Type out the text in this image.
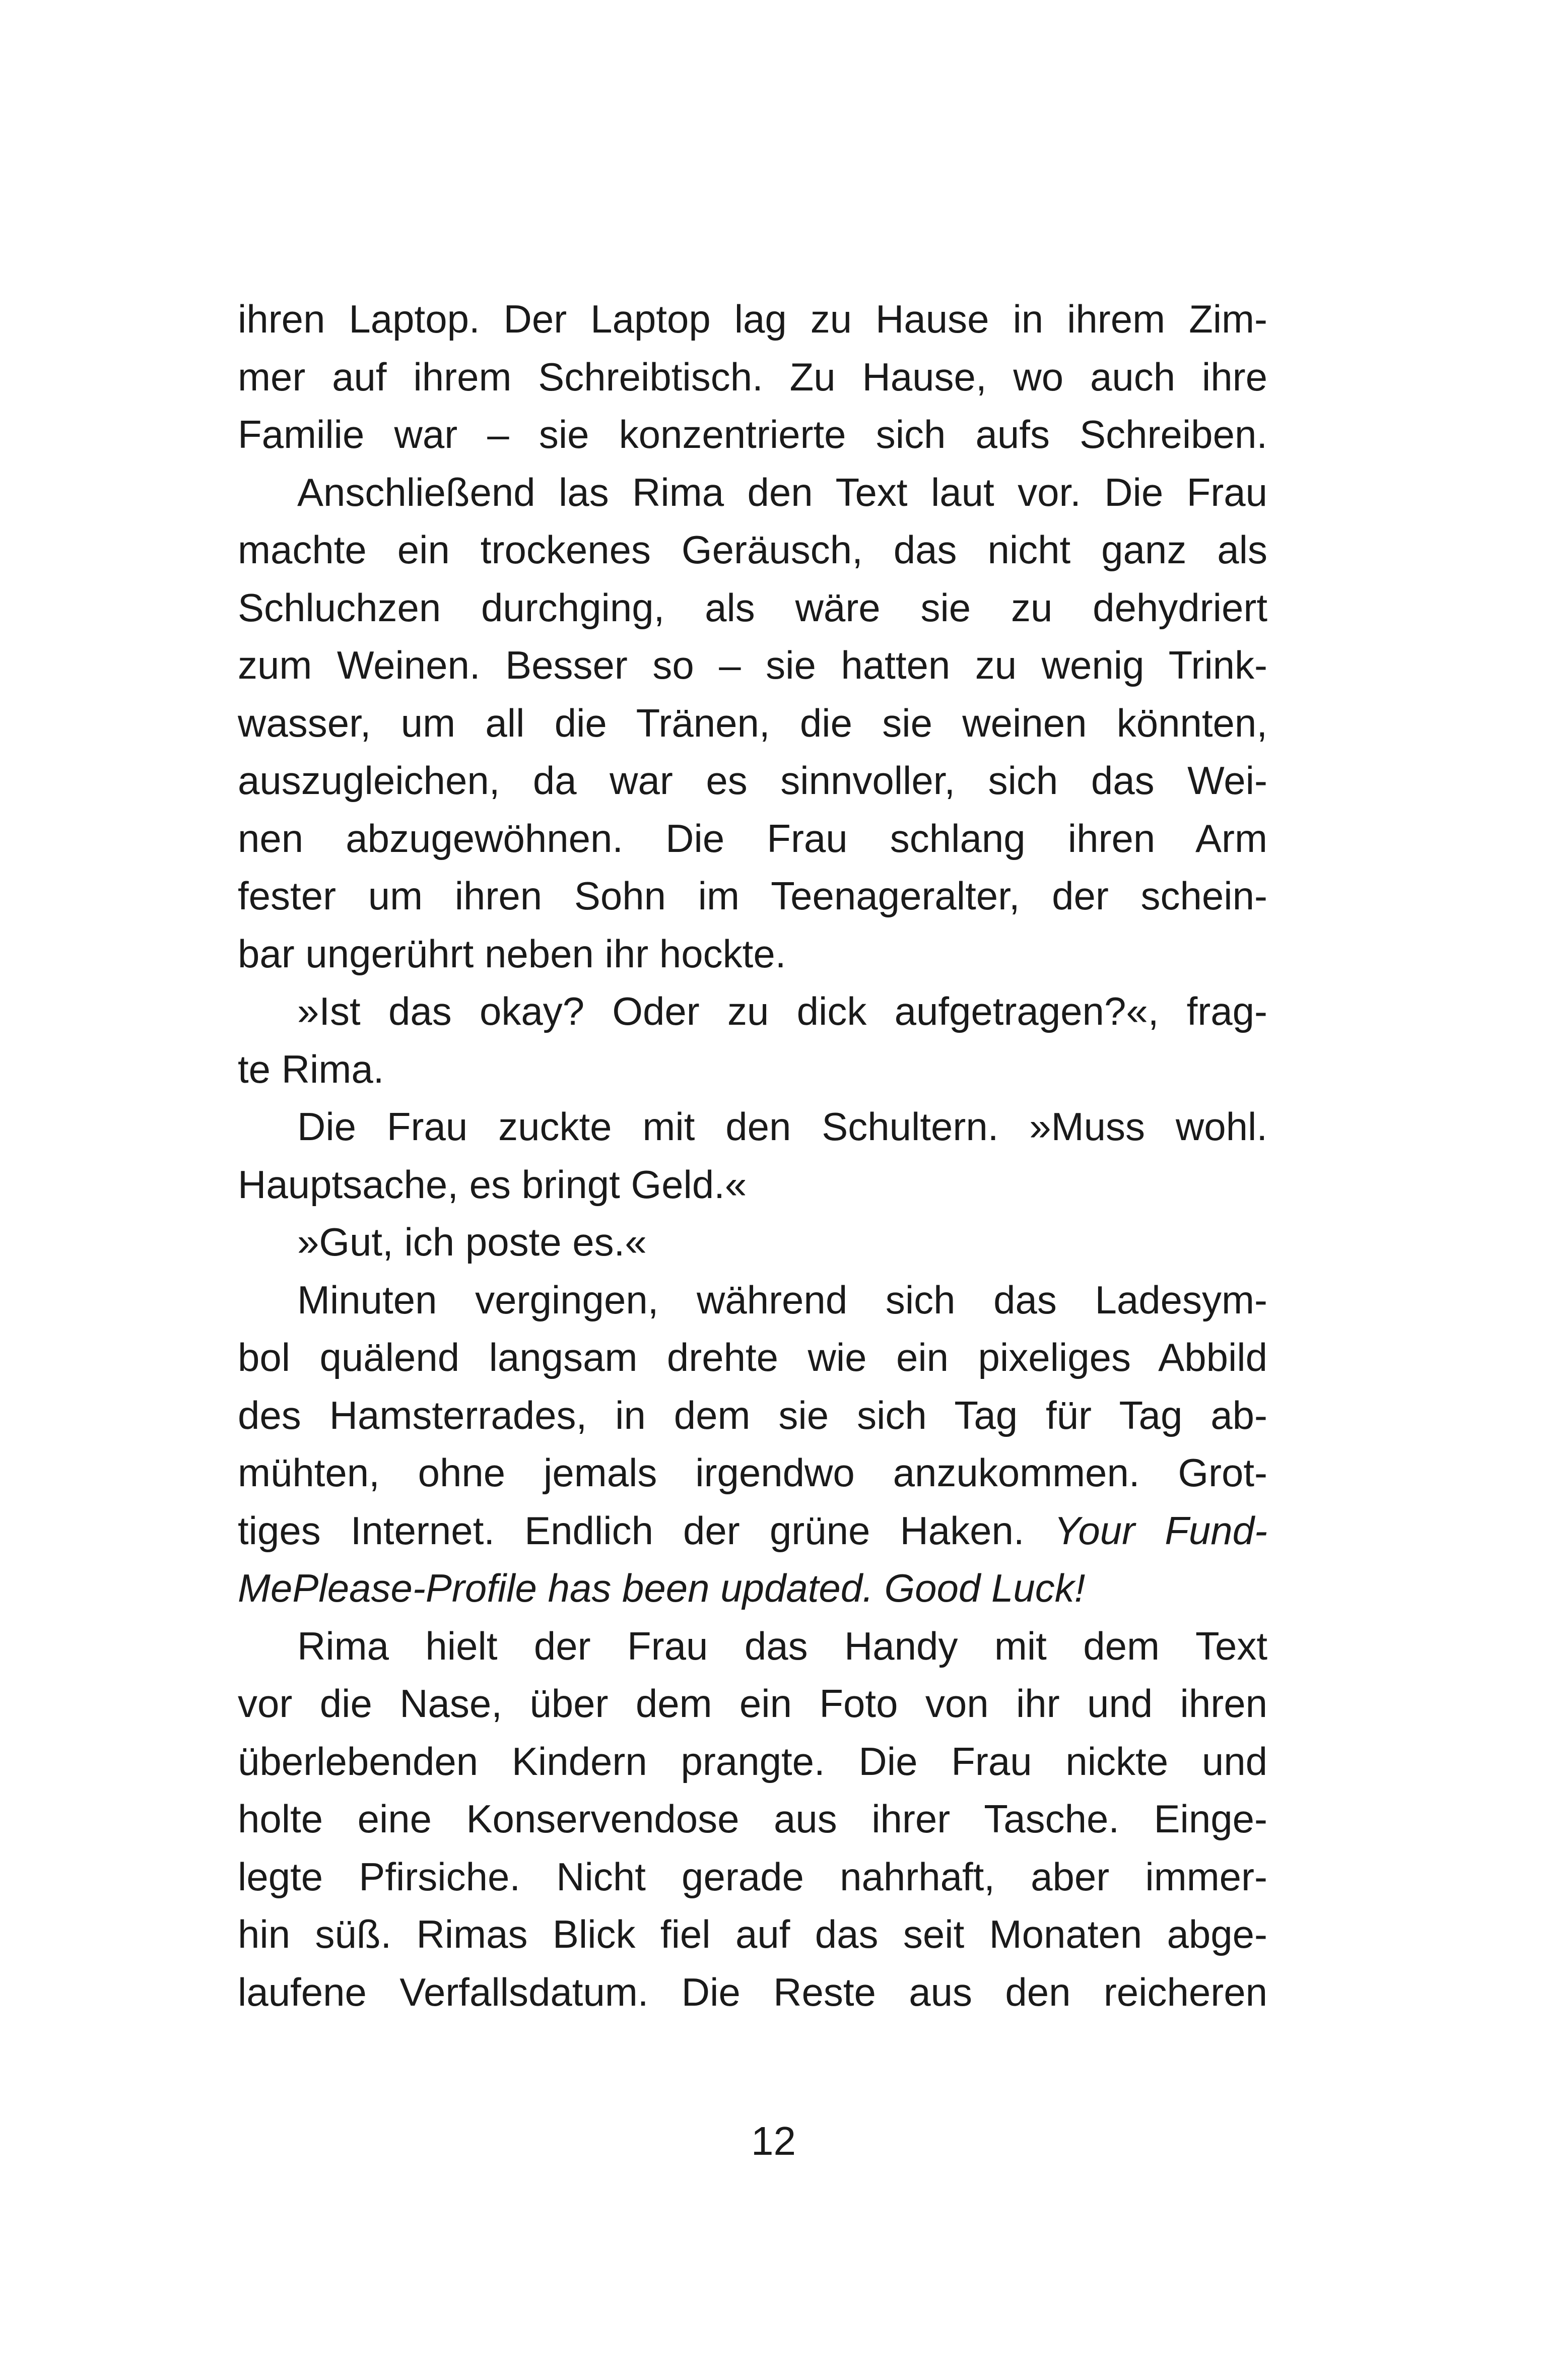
ihren Laptop. Der Laptop lag zu Hause in ihrem Zim-
mer auf ihrem Schreibtisch. Zu Hause, wo auch ihre
Familie war – sie konzentrierte sich aufs Schreiben.
Anschließend las Rima den Text laut vor. Die Frau
machte ein trockenes Geräusch, das nicht ganz als
Schluchzen durchging, als wäre sie zu dehydriert
zum Weinen. Besser so – sie hatten zu wenig Trink-
wasser, um all die Tränen, die sie weinen könnten,
auszugleichen, da war es sinnvoller, sich das Wei-
nen abzugewöhnen. Die Frau schlang ihren Arm
fester um ihren Sohn im Teenageralter, der schein-
bar ungerührt neben ihr hockte.
»Ist das okay? Oder zu dick aufgetragen?«, frag-
te Rima.
Die Frau zuckte mit den Schultern. »Muss wohl.
Hauptsache, es bringt Geld.«
»Gut, ich poste es.«
Minuten vergingen, während sich das Ladesym-
bol quälend langsam drehte wie ein pixeliges Abbild
des Hamsterrades, in dem sie sich Tag für Tag ab-
mühten, ohne jemals irgendwo anzukommen. Grot-
tiges Internet. Endlich der grüne Haken. Your Fund-
MePlease-Profile has been updated. Good Luck!
Rima hielt der Frau das Handy mit dem Text
vor die Nase, über dem ein Foto von ihr und ihren
überlebenden Kindern prangte. Die Frau nickte und
holte eine Konservendose aus ihrer Tasche. Einge-
legte Pfirsiche. Nicht gerade nahrhaft, aber immer-
hin süß. Rimas Blick fiel auf das seit Monaten abge-
laufene Verfallsdatum. Die Reste aus den reicheren
12
